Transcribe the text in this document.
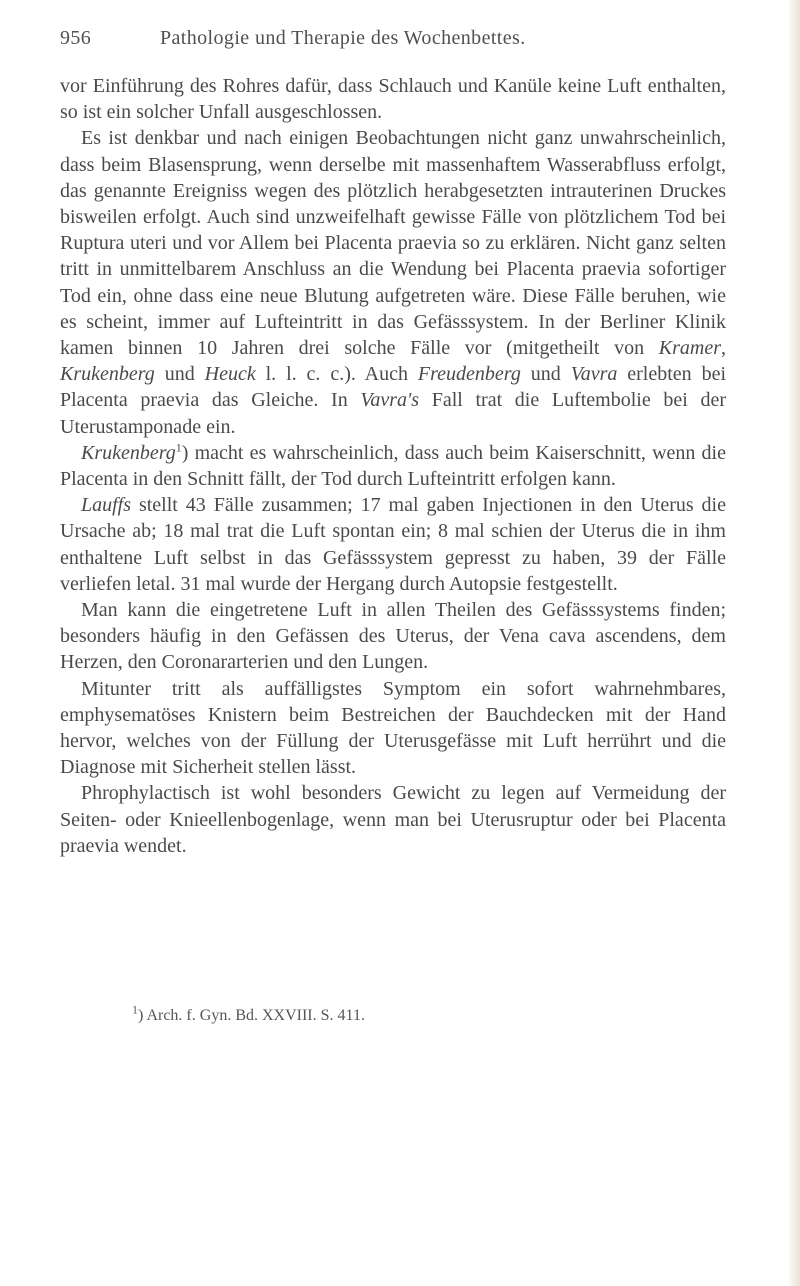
956	Pathologie und Therapie des Wochenbettes.

vor Einführung des Rohres dafür, dass Schlauch und Kanüle keine Luft enthalten, so ist ein solcher Unfall ausgeschlossen.

Es ist denkbar und nach einigen Beobachtungen nicht ganz unwahrscheinlich, dass beim Blasensprung, wenn derselbe mit massenhaftem Wasserabfluss erfolgt, das genannte Ereigniss wegen des plötzlich herabgesetzten intrauterinen Druckes bisweilen erfolgt. Auch sind unzweifelhaft gewisse Fälle von plötzlichem Tod bei Ruptura uteri und vor Allem bei Placenta praevia so zu erklären. Nicht ganz selten tritt in unmittelbarem Anschluss an die Wendung bei Placenta praevia sofortiger Tod ein, ohne dass eine neue Blutung aufgetreten wäre. Diese Fälle beruhen, wie es scheint, immer auf Lufteintritt in das Gefässsystem. In der Berliner Klinik kamen binnen 10 Jahren drei solche Fälle vor (mitgetheilt von Kramer, Krukenberg und Heuck l. l. c. c.). Auch Freudenberg und Vavra erlebten bei Placenta praevia das Gleiche. In Vavra's Fall trat die Luftembolie bei der Uterustamponade ein.

Krukenberg$^1$) macht es wahrscheinlich, dass auch beim Kaiserschnitt, wenn die Placenta in den Schnitt fällt, der Tod durch Lufteintritt erfolgen kann.

Lauffs stellt 43 Fälle zusammen; 17 mal gaben Injectionen in den Uterus die Ursache ab; 18 mal trat die Luft spontan ein; 8 mal schien der Uterus die in ihm enthaltene Luft selbst in das Gefässsystem gepresst zu haben, 39 der Fälle verliefen letal. 31 mal wurde der Hergang durch Autopsie festgestellt.

Man kann die eingetretene Luft in allen Theilen des Gefässsystems finden; besonders häufig in den Gefässen des Uterus, der Vena cava ascendens, dem Herzen, den Coronararterien und den Lungen.

Mitunter tritt als auffälligstes Symptom ein sofort wahrnehmbares, emphysematöses Knistern beim Bestreichen der Bauchdecken mit der Hand hervor, welches von der Füllung der Uterusgefässe mit Luft herrührt und die Diagnose mit Sicherheit stellen lässt.

Phrophylactisch ist wohl besonders Gewicht zu legen auf Vermeidung der Seiten- oder Knieellenbogenlage, wenn man bei Uterusruptur oder bei Placenta praevia wendet.

$^1$) Arch. f. Gyn. Bd. XXVIII. S. 411.
